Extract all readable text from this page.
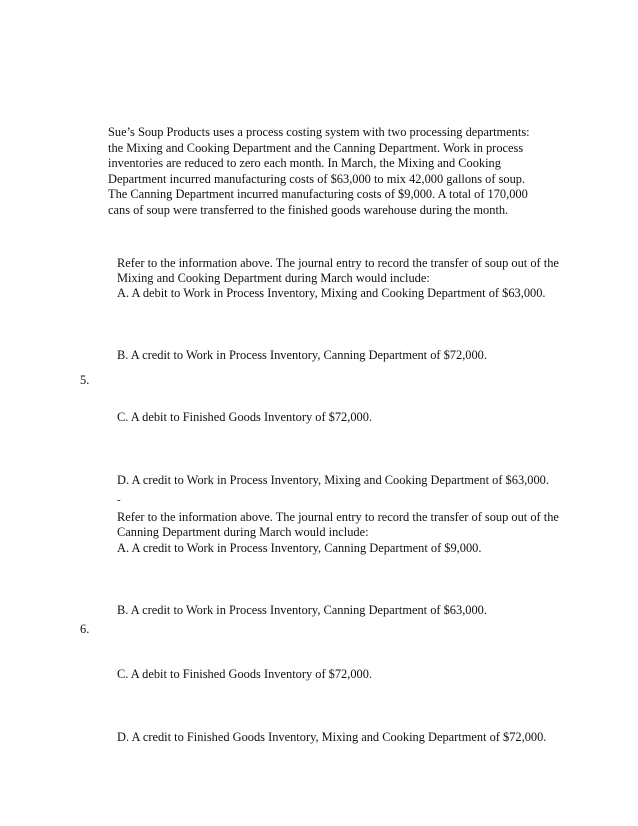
Sue’s Soup Products uses a process costing system with two processing departments:
the Mixing and Cooking Department and the Canning Department. Work in process
inventories are reduced to zero each month. In March, the Mixing and Cooking
Department incurred manufacturing costs of $63,000 to mix 42,000 gallons of soup.
The Canning Department incurred manufacturing costs of $9,000. A total of 170,000
cans of soup were transferred to the finished goods warehouse during the month.
Refer to the information above. The journal entry to record the transfer of soup out of the
Mixing and Cooking Department during March would include:
A. A debit to Work in Process Inventory, Mixing and Cooking Department of $63,000.
B. A credit to Work in Process Inventory, Canning Department of $72,000.
5.
C. A debit to Finished Goods Inventory of $72,000.
D. A credit to Work in Process Inventory, Mixing and Cooking Department of $63,000.
-
Refer to the information above. The journal entry to record the transfer of soup out of the
Canning Department during March would include:
A. A credit to Work in Process Inventory, Canning Department of $9,000.
B. A credit to Work in Process Inventory, Canning Department of $63,000.
6.
C. A debit to Finished Goods Inventory of $72,000.
D. A credit to Finished Goods Inventory, Mixing and Cooking Department of $72,000.
